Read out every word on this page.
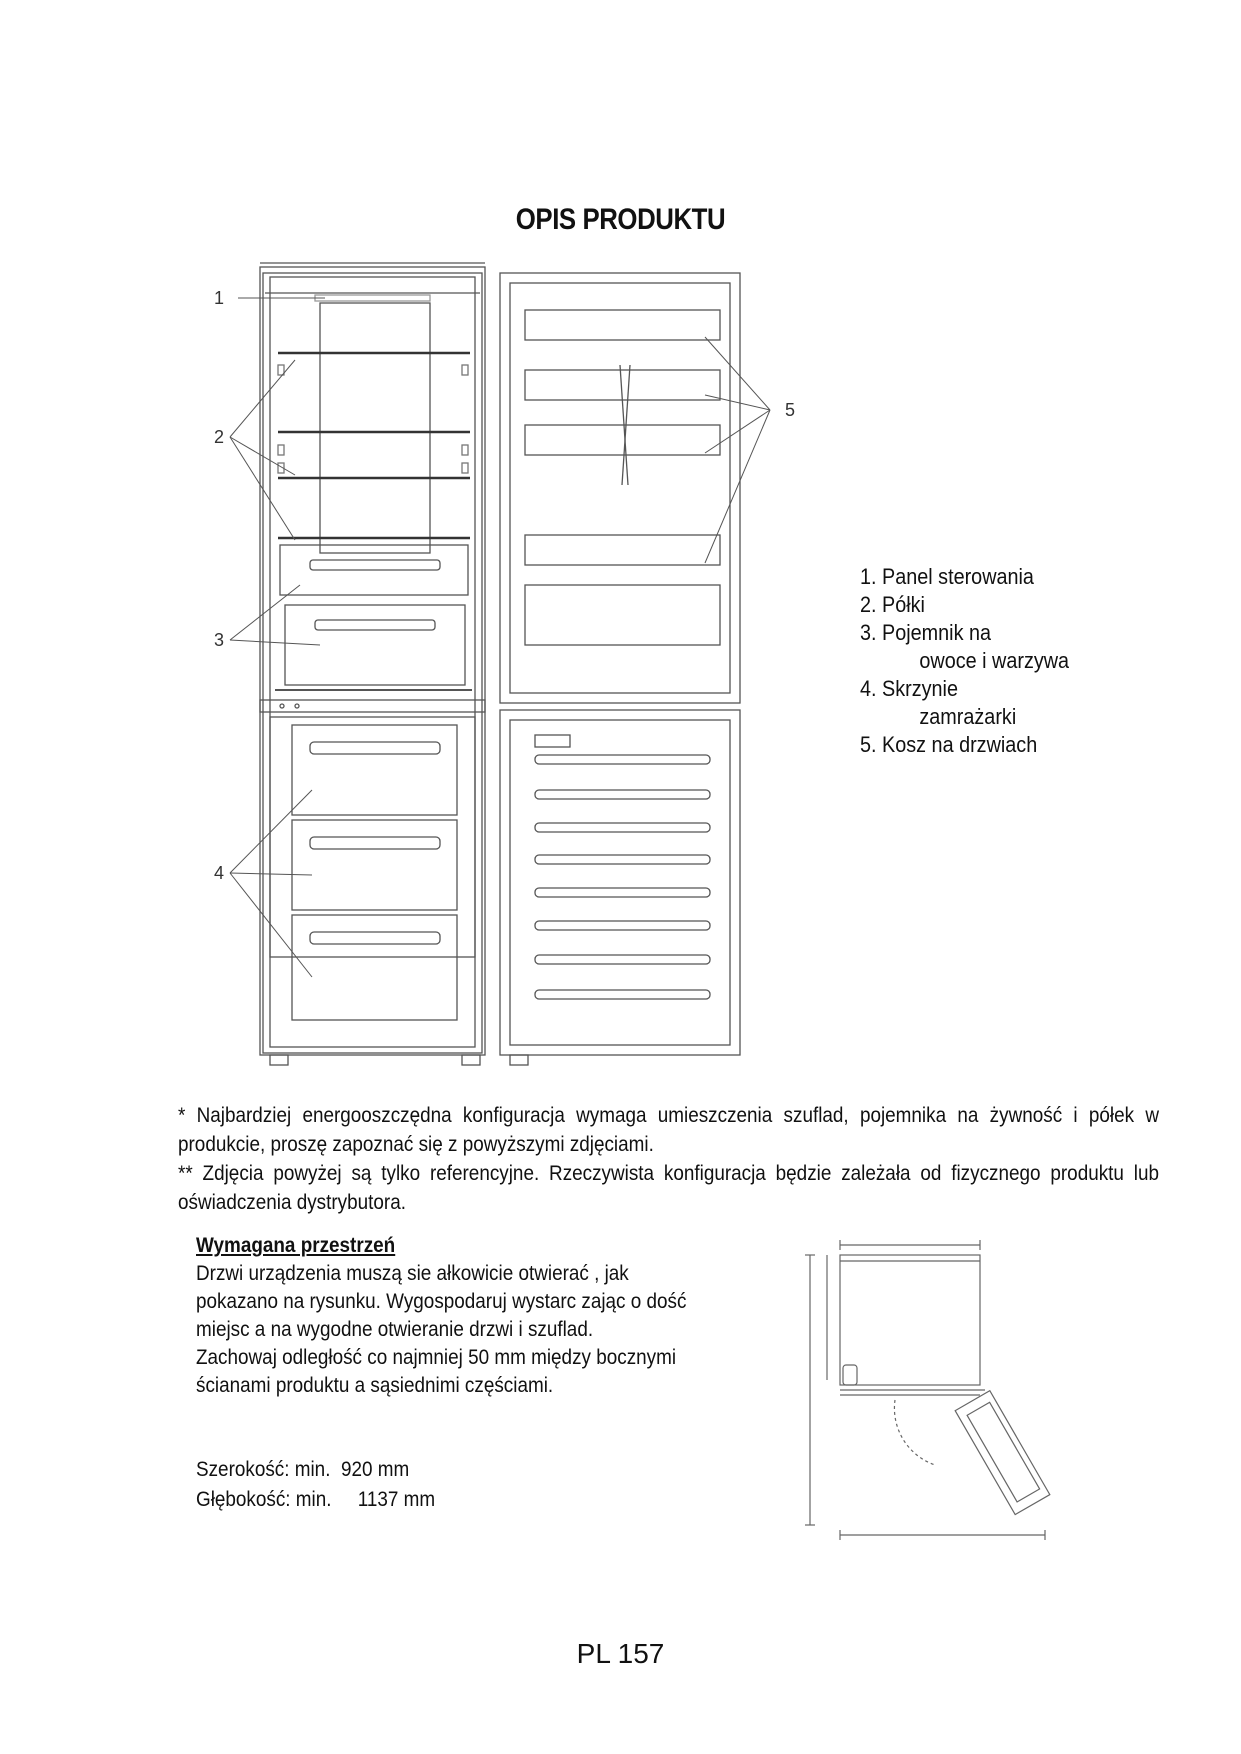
OPIS PRODUKTU
1
2
3
4
5
1. Panel sterowania
2. Półki
3. Pojemnik na
owoce i warzywa
4. Skrzynie
zamrażarki
5. Kosz na drzwiach

* Najbardziej energooszczędna konfiguracja wymaga umieszczenia szuflad, pojemnika na żywność i półek w produkcie, proszę zapoznać się z powyższymi zdjęciami.

** Zdjęcia powyżej są tylko referencyjne. Rzeczywista konfiguracja będzie zależała od fizycznego produktu lub oświadczenia dystrybutora.

Wymagana przestrzeń

Drzwi urządzenia muszą sie ałkowicie otwierać , jak pokazano na rysunku. Wygospodaruj wystarc zając o dość miejsc a na wygodne otwieranie drzwi i szuflad.

Zachowaj odległość co najmniej 50 mm między bocznymi ścianami produktu a sąsiednimi częściami.

Szerokość: min. 920 mm
Głębokość: min. 1137 mm
PL 157
